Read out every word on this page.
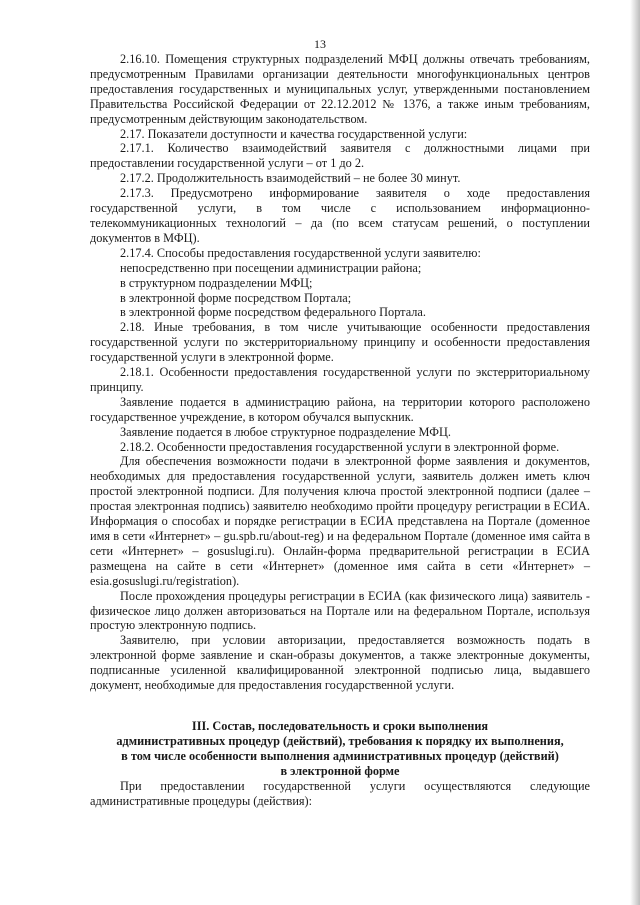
13

2.16.10. Помещения структурных подразделений МФЦ должны отвечать требованиям, предусмотренным Правилами организации деятельности многофункциональных центров предоставления государственных и муниципальных услуг, утвержденными постановлением Правительства Российской Федерации от 22.12.2012 № 1376, а также иным требованиям, предусмотренным действующим законодательством.

2.17. Показатели доступности и качества государственной услуги:

2.17.1. Количество взаимодействий заявителя с должностными лицами при предоставлении государственной услуги – от 1 до 2.

2.17.2. Продолжительность взаимодействий – не более 30 минут.

2.17.3. Предусмотрено информирование заявителя о ходе предоставления государственной услуги, в том числе с использованием информационно-телекоммуникационных технологий – да (по всем статусам решений, о поступлении документов в МФЦ).

2.17.4. Способы предоставления государственной услуги заявителю:

непосредственно при посещении администрации района;

в структурном подразделении МФЦ;

в электронной форме посредством Портала;

в электронной форме посредством федерального Портала.

2.18. Иные требования, в том числе учитывающие особенности предоставления государственной услуги по экстерриториальному принципу и особенности предоставления государственной услуги в электронной форме.

2.18.1. Особенности предоставления государственной услуги по экстерриториальному принципу.

Заявление подается в администрацию района, на территории которого расположено государственное учреждение, в котором обучался выпускник.

Заявление подается в любое структурное подразделение МФЦ.

2.18.2. Особенности предоставления государственной услуги в электронной форме.

Для обеспечения возможности подачи в электронной форме заявления и документов, необходимых для предоставления государственной услуги, заявитель должен иметь ключ простой электронной подписи. Для получения ключа простой электронной подписи (далее – простая электронная подпись) заявителю необходимо пройти процедуру регистрации в ЕСИА. Информация о способах и порядке регистрации в ЕСИА представлена на Портале (доменное имя в сети «Интернет» – gu.spb.ru/about-reg) и на федеральном Портале (доменное имя сайта в сети «Интернет» – gosuslugi.ru). Онлайн-форма предварительной регистрации в ЕСИА размещена на сайте в сети «Интернет» (доменное имя сайта в сети «Интернет» – esia.gosuslugi.ru/registration).

После прохождения процедуры регистрации в ЕСИА (как физического лица) заявитель - физическое лицо должен авторизоваться на Портале или на федеральном Портале, используя простую электронную подпись.

Заявителю, при условии авторизации, предоставляется возможность подать в электронной форме заявление и скан-образы документов, а также электронные документы, подписанные усиленной квалифицированной электронной подписью лица, выдавшего документ, необходимые для предоставления государственной услуги.

III. Состав, последовательность и сроки выполнения
административных процедур (действий), требования к порядку их выполнения,
в том числе особенности выполнения административных процедур (действий)
в электронной форме

При предоставлении государственной услуги осуществляются следующие административные процедуры (действия):
